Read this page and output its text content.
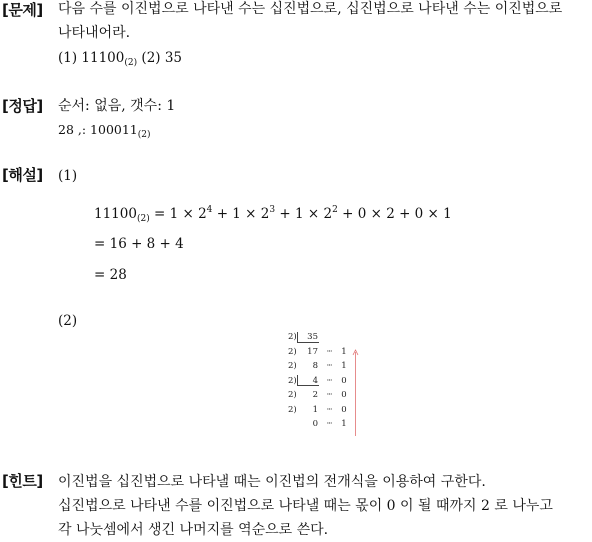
[문제] 다음 수를 이진법으로 나타낸 수는 십진법으로, 십진법으로 나타낸 수는 이진법으로
나타내어라.
(1) $11100_{(2)}$ (2) 35
[정답] 순서: 없음, 갯수: 1
28 ,: $100011_{(2)}$
[해설] (1)
$11100_{(2)} = 1 \times 2^4 + 1 \times 2^3 + 1 \times 2^2 + 0 \times 2 + 0 \times 1$
= 16 + 8 + 4
= 28
(2)
2)	35
2)	17 ···	1
2)	8 ···	1
2)	4 ···	0
2)	2 ···	0
2)	1 ···	0
0 ···	1
[힌트] 이진법을 십진법으로 나타낼 때는 이진법의 전개식을 이용하여 구한다.
십진법으로 나타낸 수를 이진법으로 나타낼 때는 몫이 0 이 될 때까지 2 로 나누고
각 나눗셈에서 생긴 나머지를 역순으로 쓴다.
